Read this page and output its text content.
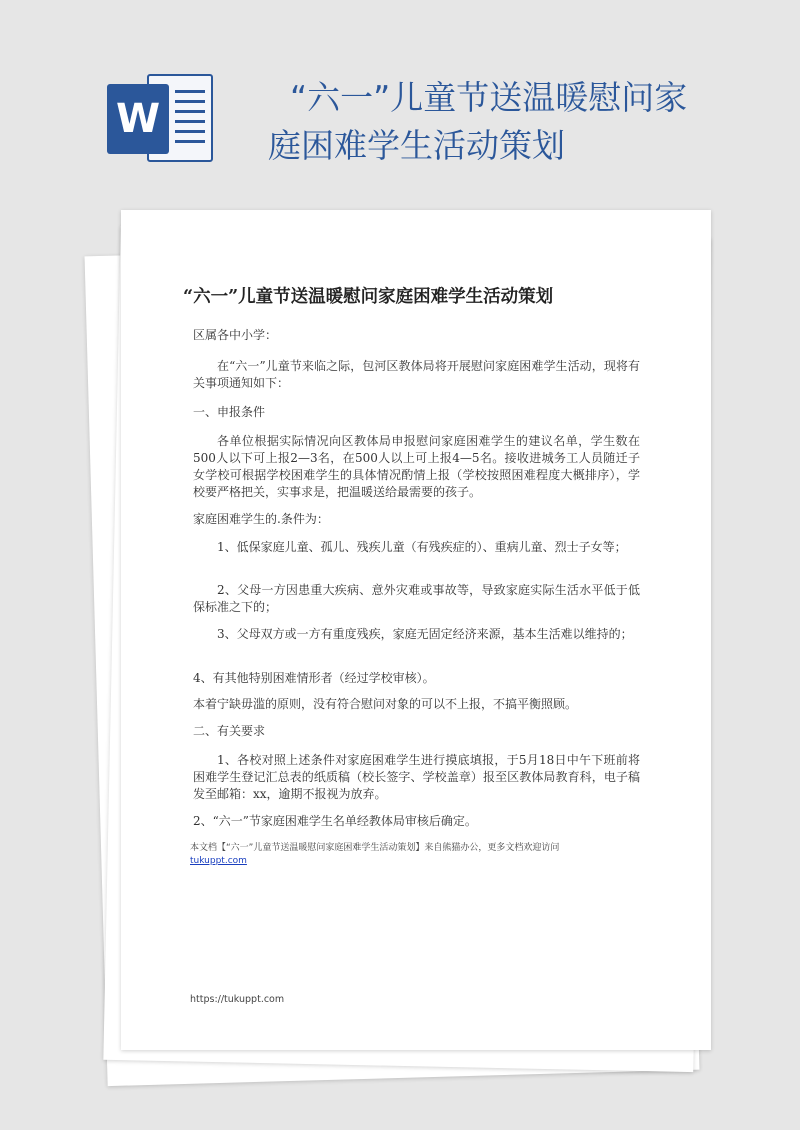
W	“六一”儿童节送温暖慰问家
庭困难学生活动策划
“六一”儿童节送温暖慰问家庭困难学生活动策划
区属各中小学：
在“六一”儿童节来临之际，包河区教体局将开展慰问家庭困难学生活动，现将有关事项通知如下：
一、申报条件
各单位根据实际情况向区教体局申报慰问家庭困难学生的建议名单，学生数在500人以下可上报2—3名，在500人以上可上报4—5名。接收进城务工人员随迁子女学校可根据学校困难学生的具体情况酌情上报（学校按照困难程度大概排序），学校要严格把关，实事求是，把温暖送给最需要的孩子。
家庭困难学生的.条件为：
1、低保家庭儿童、孤儿、残疾儿童（有残疾症的）、重病儿童、烈士子女等；
2、父母一方因患重大疾病、意外灾难或事故等，导致家庭实际生活水平低于低保标准之下的；
3、父母双方或一方有重度残疾，家庭无固定经济来源，基本生活难以维持的；
4、有其他特别困难情形者（经过学校审核）。
本着宁缺毋滥的原则，没有符合慰问对象的可以不上报，不搞平衡照顾。
二、有关要求
1、各校对照上述条件对家庭困难学生进行摸底填报，于5月18日中午下班前将困难学生登记汇总表的纸质稿（校长签字、学校盖章）报至区教体局教育科，电子稿发至邮箱：xx，逾期不报视为放弃。
2、“六一”节家庭困难学生名单经教体局审核后确定。
本文档【“六一”儿童节送温暖慰问家庭困难学生活动策划】来自熊猫办公，更多文档欢迎访问
tukuppt.com
https://tukuppt.com
